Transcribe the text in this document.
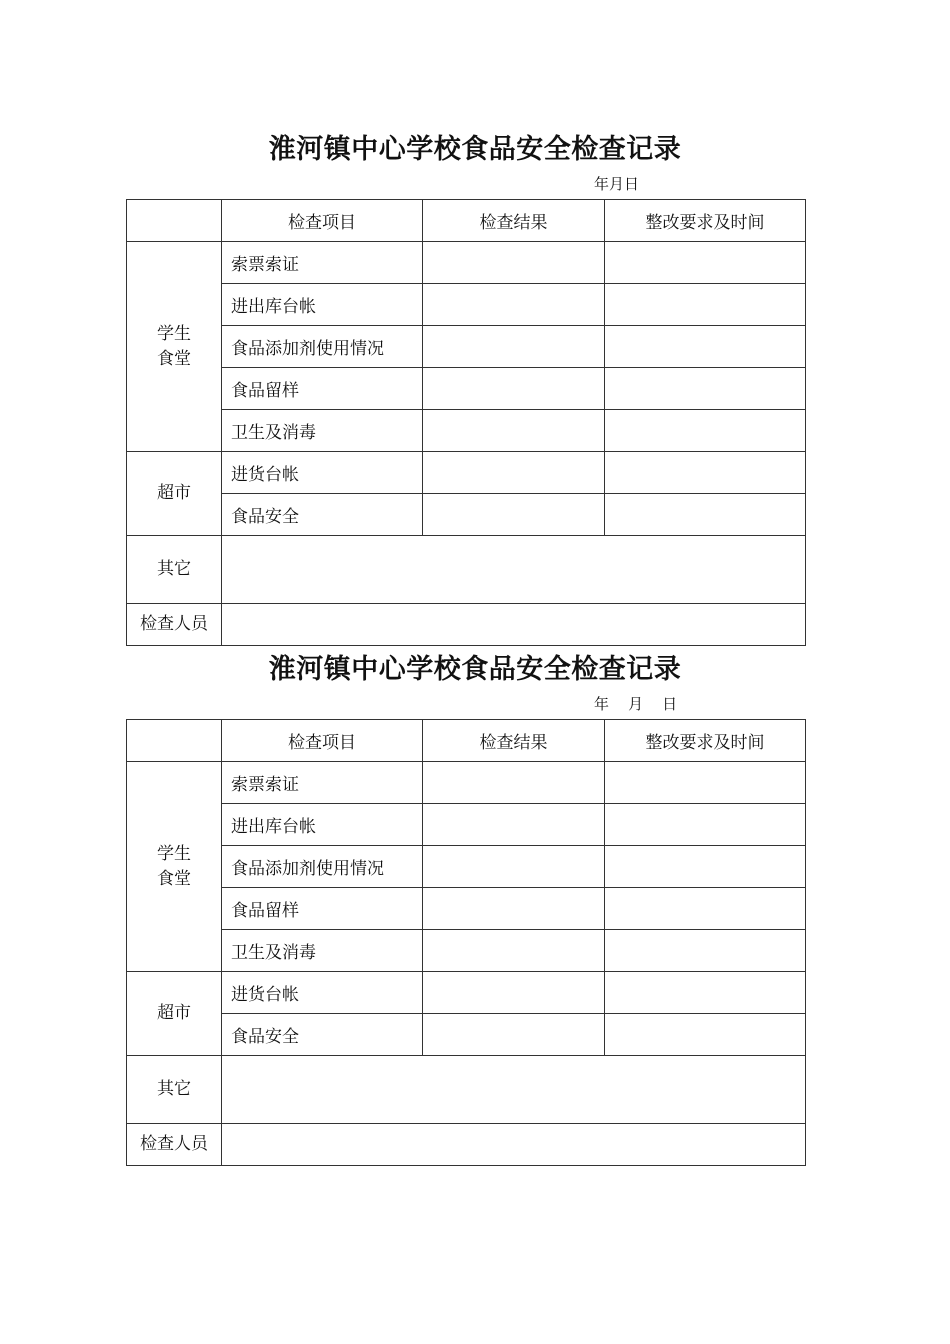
淮河镇中心学校食品安全检查记录
年月日
	检查项目	检查结果	整改要求及时间

学生
食堂	索票索证		
	进出库台帐		
	食品添加剂使用情况		
	食品留样		
	卫生及消毒		
超市	进货台帐		
	食品安全		
其它			
检查人员			
淮河镇中心学校食品安全检查记录
年    月    日
	检查项目	检查结果	整改要求及时间

学生
食堂	索票索证		
	进出库台帐		
	食品添加剂使用情况		
	食品留样		
	卫生及消毒		
超市	进货台帐		
	食品安全		
其它			
检查人员			
